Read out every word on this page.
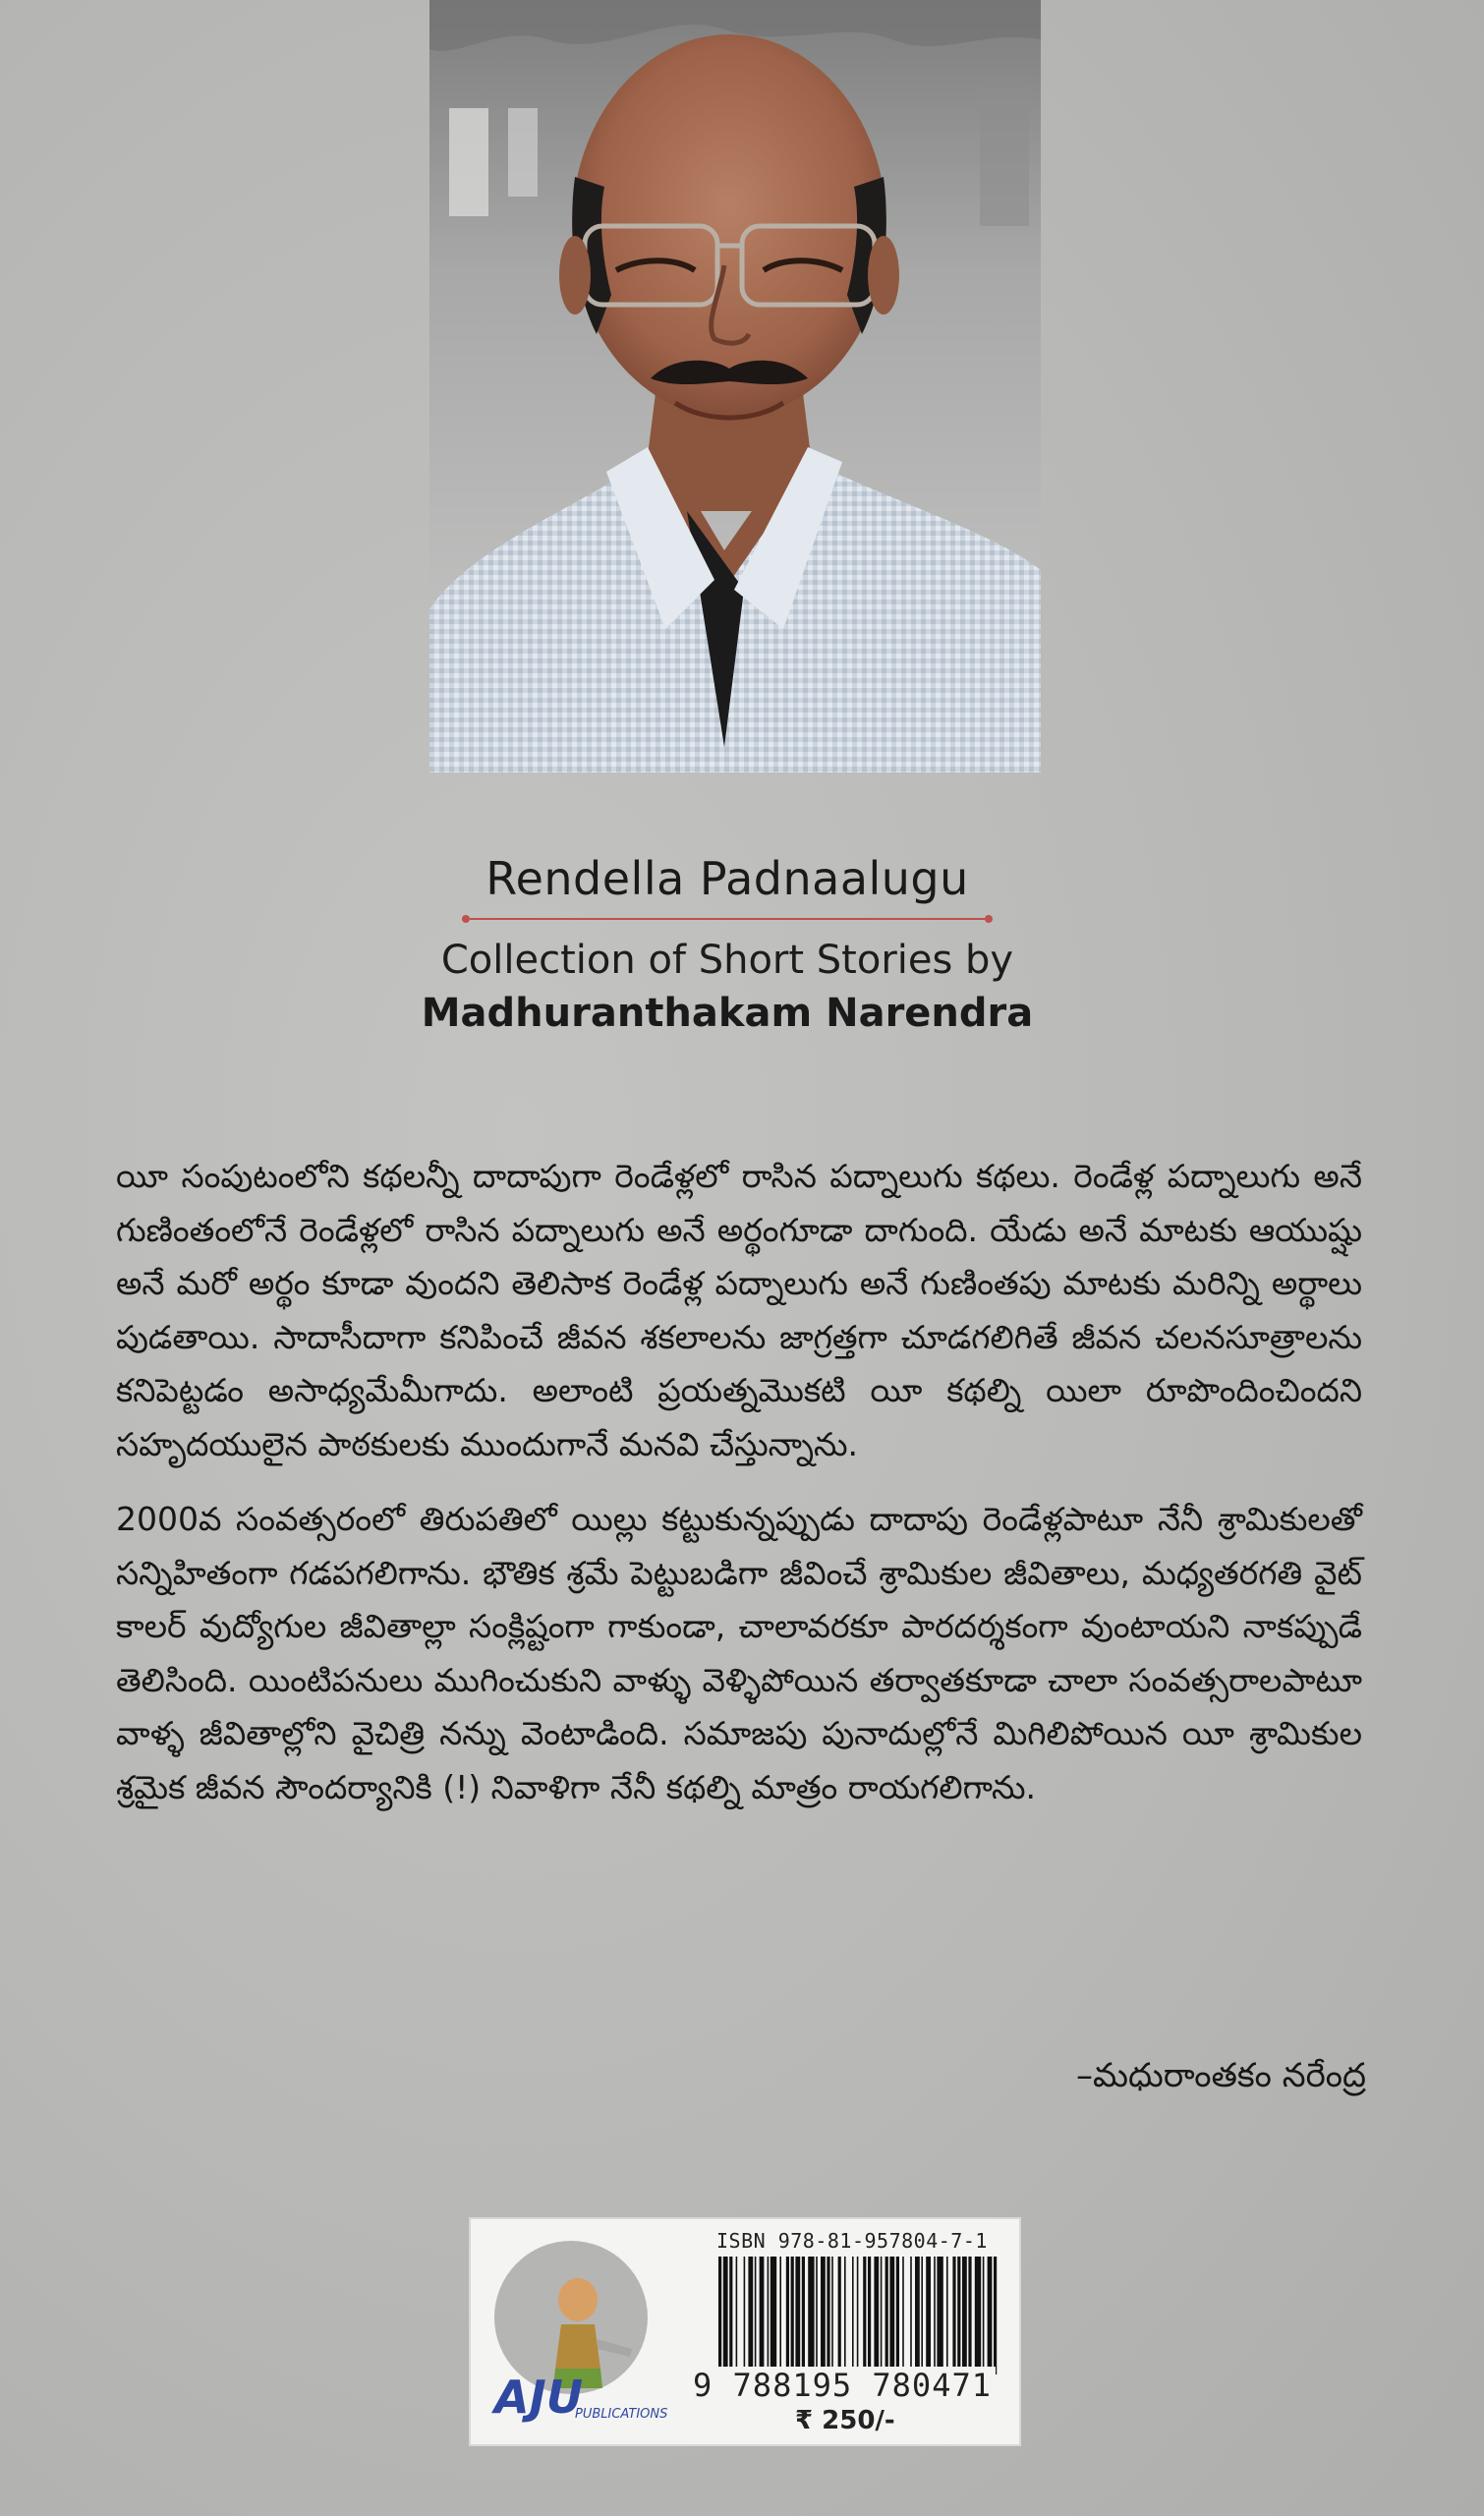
Rendella Padnaalugu

Collection of Short Stories by

Madhuranthakam Narendra

యీ సంపుటంలోని కథలన్నీ దాదాపుగా రెండేళ్లలో రాసిన పద్నాలుగు కథలు. రెండేళ్ల పద్నాలుగు అనే గుణింతంలోనే రెండేళ్లలో రాసిన పద్నాలుగు అనే అర్థంగూడా దాగుంది. యేడు అనే మాటకు ఆయుష్షు అనే మరో అర్థం కూడా వుందని తెలిసాక రెండేళ్ల పద్నాలుగు అనే గుణింతపు మాటకు మరిన్ని అర్థాలు పుడతాయి. సాదాసీదాగా కనిపించే జీవన శకలాలను జాగ్రత్తగా చూడగలిగితే జీవన చలనసూత్రాలను కనిపెట్టడం అసాధ్యమేమీగాదు. అలాంటి ప్రయత్నమొకటి యీ కథల్ని యిలా రూపొందించిందని సహృదయులైన పాఠకులకు ముందుగానే మనవి చేస్తున్నాను.

2000వ సంవత్సరంలో తిరుపతిలో యిల్లు కట్టుకున్నప్పుడు దాదాపు రెండేళ్లపాటూ నేనీ శ్రామికులతో సన్నిహితంగా గడపగలిగాను. భౌతిక శ్రమే పెట్టుబడిగా జీవించే శ్రామికుల జీవితాలు, మధ్యతరగతి వైట్ కాలర్ వుద్యోగుల జీవితాల్లా సంక్లిష్టంగా గాకుండా, చాలావరకూ పారదర్శకంగా వుంటాయని నాకప్పుడే తెలిసింది. యింటిపనులు ముగించుకుని వాళ్ళు వెళ్ళిపోయిన తర్వాతకూడా చాలా సంవత్సరాలపాటూ వాళ్ళ జీవితాల్లోని వైచిత్రి నన్ను వెంటాడింది. సమాజపు పునాదుల్లోనే మిగిలిపోయిన యీ శ్రామికుల శ్రమైక జీవన సౌందర్యానికి (!) నివాళిగా నేనీ కథల్ని మాత్రం రాయగలిగాను.

–మధురాంతకం నరేంద్ర
AJU
PUBLICATIONS
ISBN 978-81-957804-7-1
9 788195 780471
₹ 250/-
